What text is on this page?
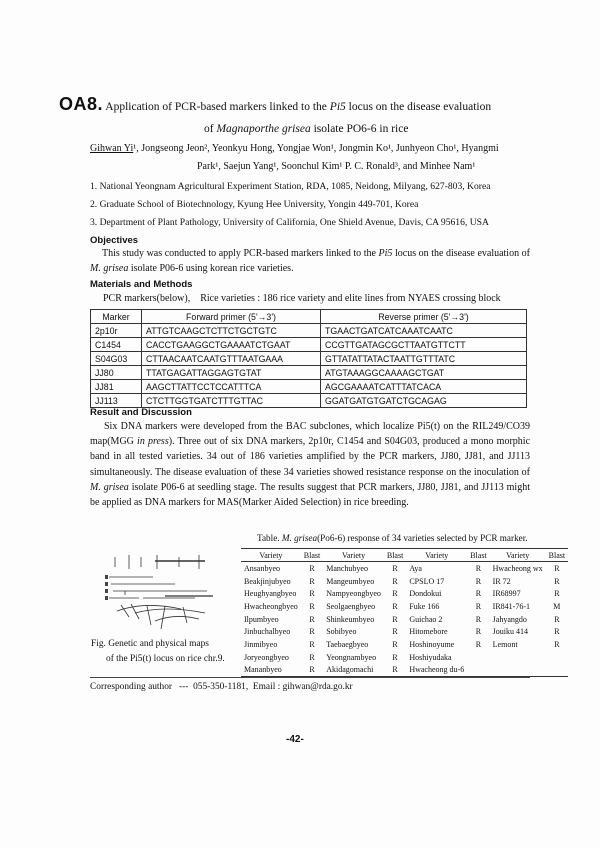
OA8. Application of PCR-based markers linked to the Pi5 locus on the disease evaluation
of Magnaporthe grisea isolate PO6-6 in rice
Gihwan Yi¹, Jongseong Jeon², Yeonkyu Hong, Yongjae Won¹, Jongmin Ko¹, Junhyeon Cho¹, Hyangmi
Park¹, Saejun Yang¹, Soonchul Kim¹ P. C. Ronald³, and Minhee Nam¹
1. National Yeongnam Agricultural Experiment Station, RDA, 1085, Neidong, Milyang, 627-803, Korea
2. Graduate School of Biotechnology, Kyung Hee University, Yongin 449-701, Korea
3. Department of Plant Pathology, University of California, One Shield Avenue, Davis, CA 95616, USA
Objectives
This study was conducted to apply PCR-based markers linked to the Pi5 locus on the disease evaluation of M. grisea isolate P06-6 using korean rice varieties.
Materials and Methods
PCR markers(below),    Rice varieties : 186 rice variety and elite lines from NYAES crossing block
Marker	Forward primer (5'→3')	Reverse primer (5'→3')
2p10r	ATTGTCAAGCTCTTCTGCTGTC	TGAACTGATCATCAAATCAATC
C1454	CACCTGAAGGCTGAAAATCTGAAT	CCGTTGATAGCGCTTAATGTTCTT
S04G03	CTTAACAATCAATGTTTAATGAAA	GTTATATTATACTAATTGTTTATC
JJ80	TTATGAGATTAGGAGTGTAT	ATGTAAAGGCAAAAGCTGAT
JJ81	AAGCTTATTCCTCCATTTCA	AGCGAAAATCATTTATCACA
JJ113	CTCTTGGTGATCTTTGTTAC	GGATGATGTGATCTGCAGAG
Result and Discussion
Six DNA markers were developed from the BAC subclones, which localize Pi5(t) on the RIL249/CO39 map(MGG in press). Three out of six DNA markers, 2p10r, C1454 and S04G03, produced a mono morphic band in all tested varieties. 34 out of 186 varieties amplified by the PCR markers, JJ80, JJ81, and JJ113 simultaneously. The disease evaluation of these 34 varieties showed resistance response on the inoculation of M. grisea isolate P06-6 at seedling stage. The results suggest that PCR markers, JJ80, JJ81, and JJ113 might be applied as DNA markers for MAS(Marker Aided Selection) in rice breeding.
Table. M. grisea(Po6-6) response of 34 varieties selected by PCR marker.
Variety	Blast	Variety	Blast	Variety	Blast	Variety	Blast
Ansanbyeo	R	Manchubyeo	R	Aya	R	Hwacheong wx	R
Beakjinjubyeo	R	Mangeumbyeo	R	CPSLO 17	R	IR 72	R
Heughyangbyeo	R	Nampyeongbyeo	R	Dondokui	R	IR68997	R
Hwacheongbyeo	R	Seolgaengbyeo	R	Fuke 166	R	IR841-76-1	M
Ilpumbyeo	R	Shinkeumbyeo	R	Guichao 2	R	Jahyangdo	R
Jinbuchalbyeo	R	Sobibyeo	R	Hitomebore	R	Jouiku 414	R
Jinmibyeo	R	Taebaegbyeo	R	Hoshinoyume	R	Lemont	R
Joryeongbyeo	R	Yeongnambyeo	R	Hoshiyudaka			
Mananbyeo	R	Akidagomachi	R	Hwacheong du-6			
Fig. Genetic and physical maps
of the Pi5(t) locus on rice chr.9.
Corresponding author   ---  055-350-1181,  Email : gihwan@rda.go.kr
-42-
